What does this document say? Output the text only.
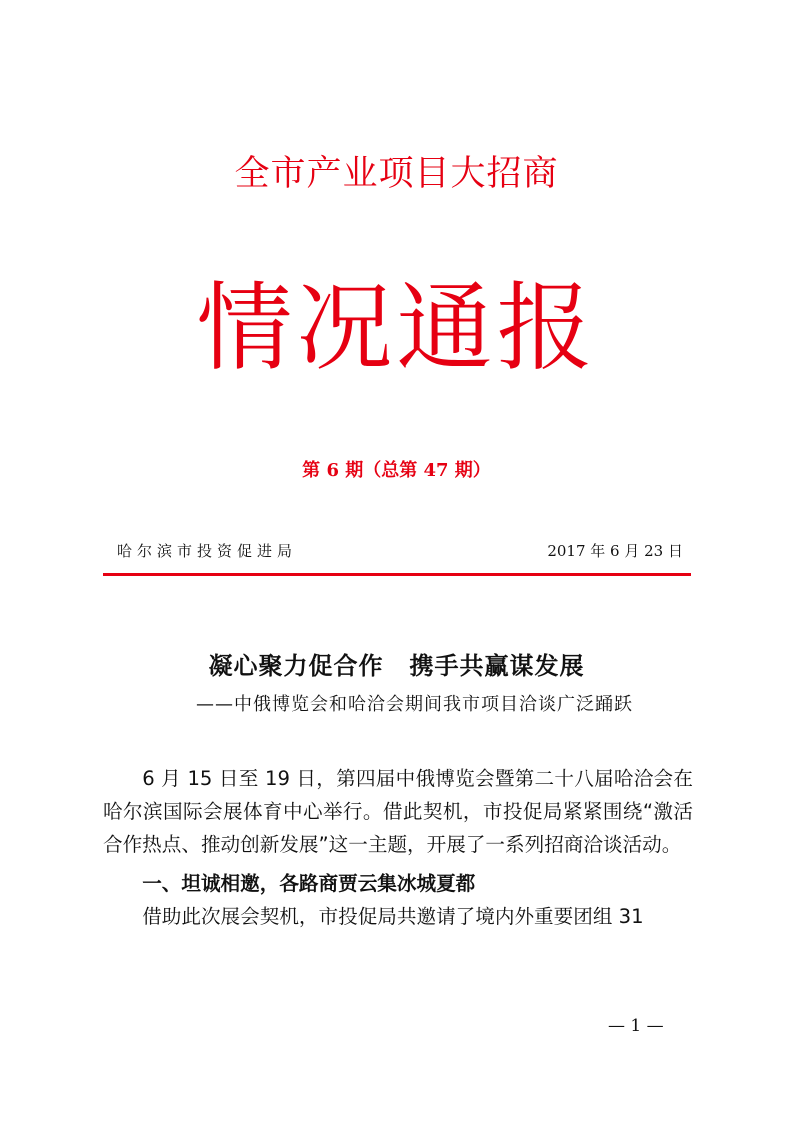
全市产业项目大招商
情况通报
第 6 期（总第 47 期）
哈尔滨市投资促进局	2017 年 6 月 23 日
凝心聚力促合作 携手共赢谋发展
——中俄博览会和哈洽会期间我市项目洽谈广泛踊跃

6 月 15 日至 19 日，第四届中俄博览会暨第二十八届哈洽会在哈尔滨国际会展体育中心举行。借此契机，市投促局紧紧围绕“激活合作热点、推动创新发展”这一主题，开展了一系列招商洽谈活动。

一、坦诚相邀，各路商贾云集冰城夏都

借助此次展会契机，市投促局共邀请了境内外重要团组 31

— 1 —
